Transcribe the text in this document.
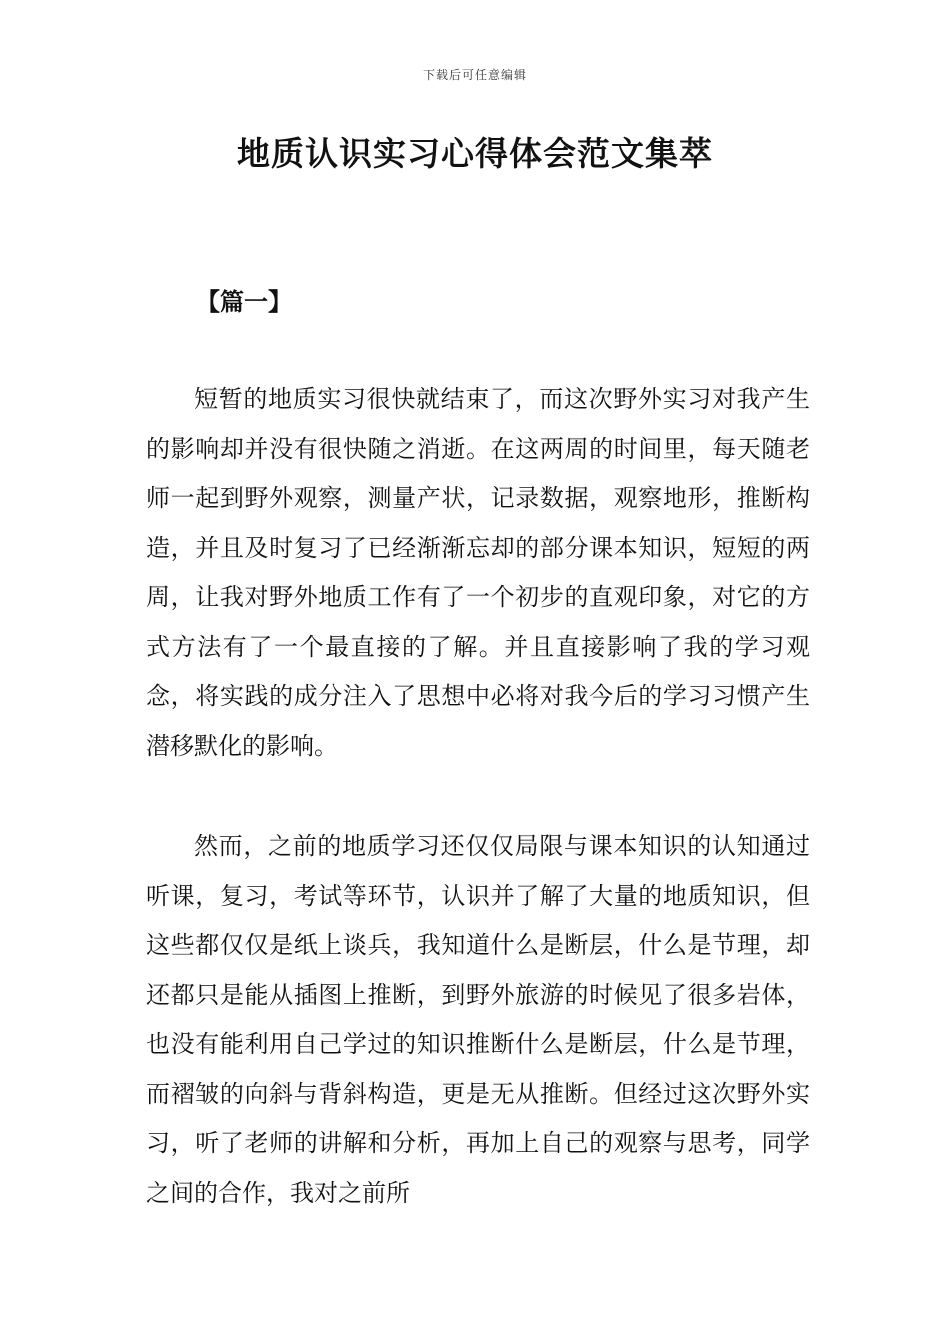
下载后可任意编辑
地质认识实习心得体会范文集萃
【篇一】

短暂的地质实习很快就结束了，而这次野外实习对我产生的影响却并没有很快随之消逝。在这两周的时间里，每天随老师一起到野外观察，测量产状，记录数据，观察地形，推断构造，并且及时复习了已经渐渐忘却的部分课本知识，短短的两周，让我对野外地质工作有了一个初步的直观印象，对它的方式方法有了一个最直接的了解。并且直接影响了我的学习观念，将实践的成分注入了思想中必将对我今后的学习习惯产生潜移默化的影响。

然而，之前的地质学习还仅仅局限与课本知识的认知通过听课，复习，考试等环节，认识并了解了大量的地质知识，但这些都仅仅是纸上谈兵，我知道什么是断层，什么是节理，却还都只是能从插图上推断，到野外旅游的时候见了很多岩体，也没有能利用自己学过的知识推断什么是断层，什么是节理，而褶皱的向斜与背斜构造，更是无从推断。但经过这次野外实习，听了老师的讲解和分析，再加上自己的观察与思考，同学之间的合作，我对之前所
